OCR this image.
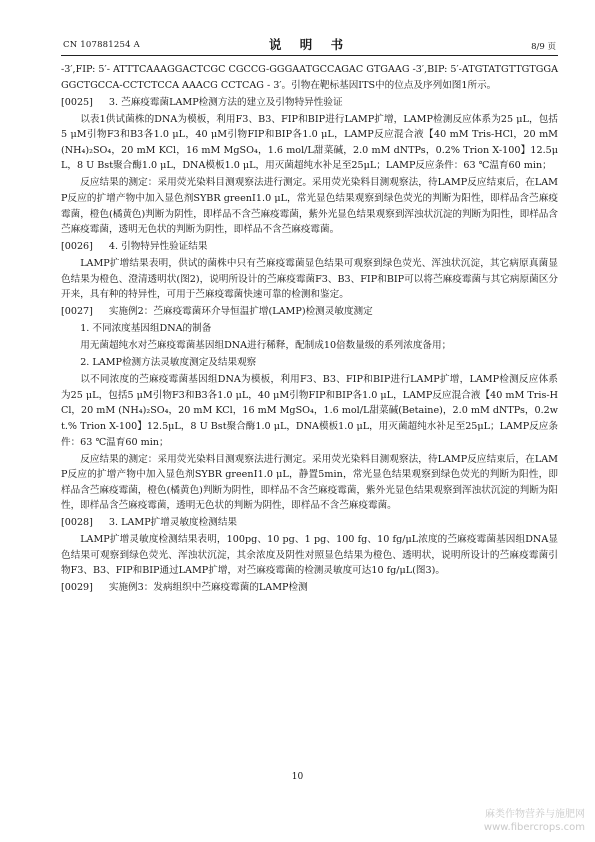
CN 107881254 A	说 明 书	8/9 页

-3′,FIP: 5′- ATTTCAAAGGACTCGC CGCCG-GGGAATGCCAGAC GTGAAG -3′,BIP: 5′-ATGTATGTTGTGGAGGCTGCCA-CCTCTCCA AAACG CCTCAG - 3′。引物在靶标基因ITS中的位点及序列如图1所示。

[0025] 3. 苎麻疫霉菌LAMP检测方法的建立及引物特异性验证

以表1供试菌株的DNA为模板，利用F3、B3、FIP和BIP进行LAMP扩增，LAMP检测反应体系为25 μL，包括5 μM引物F3和B3各1.0 μL，40 μM引物FIP和BIP各1.0 μL，LAMP反应混合液【40 mM Tris-HCl，20 mM (NH₄)₂SO₄，20 mM KCl，16 mM MgSO₄，1.6 mol/L甜菜碱，2.0 mM dNTPs，0.2% Trion X-100】12.5μL，8 U Bst聚合酶1.0 μL，DNA模板1.0 μL，用灭菌超纯水补足至25μL；LAMP反应条件：63 ℃温育60 min；

反应结果的测定：采用荧光染料目测观察法进行测定。采用荧光染料目测观察法，待LAMP反应结束后，在LAMP反应的扩增产物中加入显色剂SYBR greenⅠ1.0 μL，常光显色结果观察到绿色荧光的判断为阳性，即样品含苎麻疫霉菌，橙色(橘黄色)判断为阴性，即样品不含苎麻疫霉菌，紫外光显色结果观察到浑浊状沉淀的判断为阳性，即样品含苎麻疫霉菌，透明无色状的判断为阴性，即样品不含苎麻疫霉菌。

[0026] 4. 引物特异性验证结果

LAMP扩增结果表明，供试的菌株中只有苎麻疫霉菌显色结果可观察到绿色荧光、浑浊状沉淀，其它病原真菌显色结果为橙色、澄清透明状(图2)，说明所设计的苎麻疫霉菌F3、B3、FIP和BIP可以将苎麻疫霉菌与其它病原菌区分开来，具有种的特异性，可用于苎麻疫霉菌快速可靠的检测和鉴定。

[0027] 实施例2：苎麻疫霉菌环介导恒温扩增(LAMP)检测灵敏度测定

1. 不同浓度基因组DNA的制备

用无菌超纯水对苎麻疫霉菌基因组DNA进行稀释，配制成10倍数量级的系列浓度备用；

2. LAMP检测方法灵敏度测定及结果观察

以不同浓度的苎麻疫霉菌基因组DNA为模板，利用F3、B3、FIP和BIP进行LAMP扩增，LAMP检测反应体系为25 μL，包括5 μM引物F3和B3各1.0 μL，40 μM引物FIP和BIP各1.0 μL，LAMP反应混合液【40 mM Tris-HCl，20 mM (NH₄)₂SO₄，20 mM KCl，16 mM MgSO₄，1.6 mol/L甜菜碱(Betaine)，2.0 mM dNTPs，0.2wt.% Trion X-100】12.5μL，8 U Bst聚合酶1.0 μL，DNA模板1.0 μL，用灭菌超纯水补足至25μL；LAMP反应条件：63 ℃温育60 min；

反应结果的测定：采用荧光染料目测观察法进行测定。采用荧光染料目测观察法，待LAMP反应结束后，在LAMP反应的扩增产物中加入显色剂SYBR greenⅠ1.0 μL，静置5min，常光显色结果观察到绿色荧光的判断为阳性，即样品含苎麻疫霉菌，橙色(橘黄色)判断为阴性，即样品不含苎麻疫霉菌，紫外光显色结果观察到浑浊状沉淀的判断为阳性，即样品含苎麻疫霉菌，透明无色状的判断为阴性，即样品不含苎麻疫霉菌。

[0028] 3. LAMP扩增灵敏度检测结果

LAMP扩增灵敏度检测结果表明，100pg、10 pg、1 pg、100 fg、10 fg/μL浓度的苎麻疫霉菌基因组DNA显色结果可观察到绿色荧光、浑浊状沉淀，其余浓度及阴性对照显色结果为橙色、透明状，说明所设计的苎麻疫霉菌引物F3、B3、FIP和BIP通过LAMP扩增，对苎麻疫霉菌的检测灵敏度可达10 fg/μL(图3)。

[0029] 实施例3：发病组织中苎麻疫霉菌的LAMP检测
10
麻类作物营养与施肥网
www.fibercrops.com
